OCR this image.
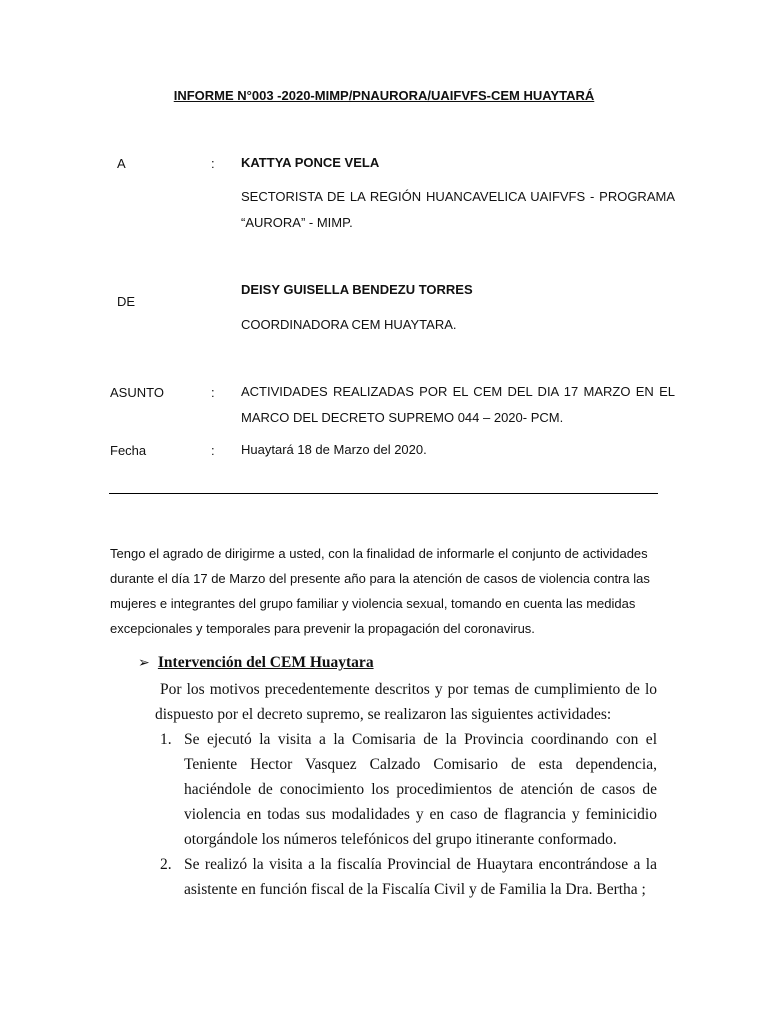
INFORME N°003 -2020-MIMP/PNAURORA/UAIFVFS-CEM HUAYTARÁ
A	: KATTYA PONCE VELA
SECTORISTA DE LA REGIÓN HUANCAVELICA UAIFVFS - PROGRAMA “AURORA” - MIMP.
DE
DEISY GUISELLA BENDEZU TORRES
COORDINADORA CEM HUAYTARA.
ASUNTO	: ACTIVIDADES REALIZADAS POR EL CEM DEL DIA 17 MARZO EN EL MARCO DEL DECRETO SUPREMO 044 – 2020- PCM.
Fecha	: Huaytará 18 de Marzo del 2020.
Tengo el agrado de dirigirme a usted, con la finalidad de informarle el conjunto de actividades durante el día 17 de Marzo del presente año para la atención de casos de violencia contra las mujeres e integrantes del grupo familiar y violencia sexual, tomando en cuenta las medidas excepcionales y temporales para prevenir la propagación del coronavirus.
➢ Intervención del CEM Huaytara
Por los motivos precedentemente descritos y por temas de cumplimiento de lo dispuesto por el decreto supremo, se realizaron las siguientes actividades:
1. Se ejecutó la visita a la Comisaria de la Provincia coordinando con el Teniente Hector Vasquez Calzado Comisario de esta dependencia, haciéndole de conocimiento los procedimientos de atención de casos de violencia en todas sus modalidades y en caso de flagrancia y feminicidio otorgándole los números telefónicos del grupo itinerante conformado.
2. Se realizó la visita a la fiscalía Provincial de Huaytara encontrándose a la asistente en función fiscal de la Fiscalía Civil y de Familia la Dra. Bertha ;
